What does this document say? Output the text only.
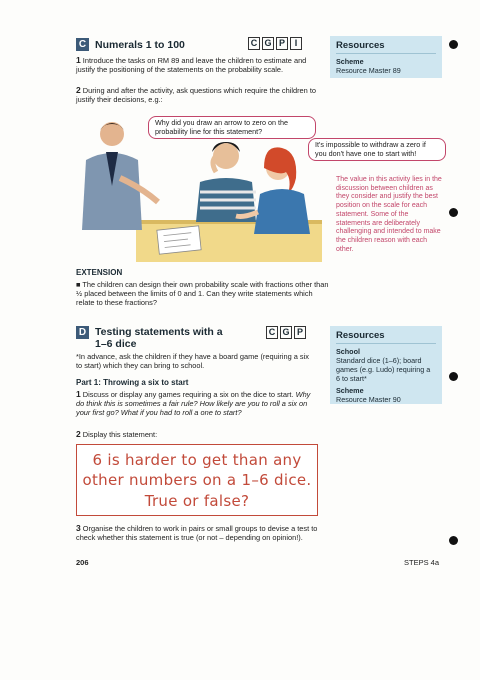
C Numerals 1 to 100	C G P	I
1 Introduce the tasks on RM 89 and leave the children to estimate and justify the positioning of the statements on the probability scale.
2 During and after the activity, ask questions which require the children to justify their decisions, e.g.:
Resources
Scheme
Resource Master 89
Why did you draw an arrow to zero on the probability line for this statement?
It's impossible to withdraw a zero if you don't have one to start with!
The value in this activity lies in the discussion between children as they consider and justify the best position on the scale for each statement. Some of the statements are deliberately challenging and intended to make the children reason with each other.
EXTENSION
■ The children can design their own probability scale with fractions other than ½ placed between the limits of 0 and 1. Can they write statements which relate to these fractions?
D Testing statements with a
1–6 dice
C G P
*In advance, ask the children if they have a board game (requiring a six to start) which they can bring to school.
Part 1: Throwing a six to start
1 Discuss or display any games requiring a six on the dice to start. Why do think this is sometimes a fair rule? How likely are you to roll a six on your first go? What if you had to roll a one to start?
2 Display this statement:
6 is harder to get than any
other numbers on a 1–6 dice.
True or false?
3 Organise the children to work in pairs or small groups to devise a test to check whether this statement is true (or not – depending on opinion!).
Resources
School
Standard dice (1–6); board games (e.g. Ludo) requiring a 6 to start*
Scheme
Resource Master 90
206	STEPS 4a
